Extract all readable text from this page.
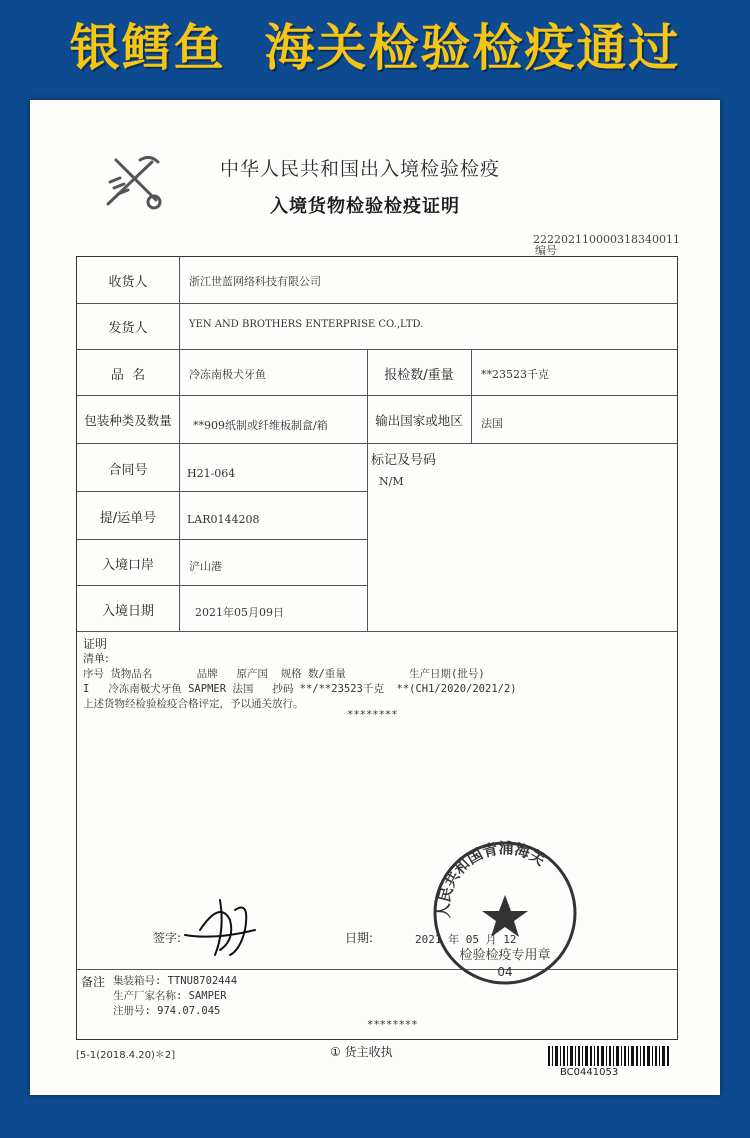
银鳕鱼  海关检验检疫通过
中华人民共和国出入境检验检疫
入境货物检验检疫证明
222202110000318340011
编号
收货人	浙江世蓝网络科技有限公司
发货人	YEN AND BROTHERS ENTERPRISE CO.,LTD.
品  名	冷冻南极犬牙鱼	报检数/重量	**23523千克
包装种类及数量	**909纸制或纤维板制盒/箱	输出国家或地区	法国
合同号	H21-064
标记及号码
N/M
提/运单号	LAR0144208
入境口岸	浐山港
入境日期	2021年05月09日
证明
清单:
序号 货物品名       品牌   原产国  规格 数/重量          生产日期(批号)
I   冷冻南极犬牙鱼 SAPMER 法国   抄码 **/**23523千克  **(CH1/2020/2021/2)
上述货物经检验检疫合格评定，予以通关放行。
********
签字:	日期:	2021 年 05 月 12
备注 集装箱号: TTNU8702444
生产厂家名称: SAMPER
注册号: 974.07.045
********
人民共和国青浦海关
检验检疫专用章
04
[5-1(2018.4.20)＊2]	① 货主收执
BC0441053
